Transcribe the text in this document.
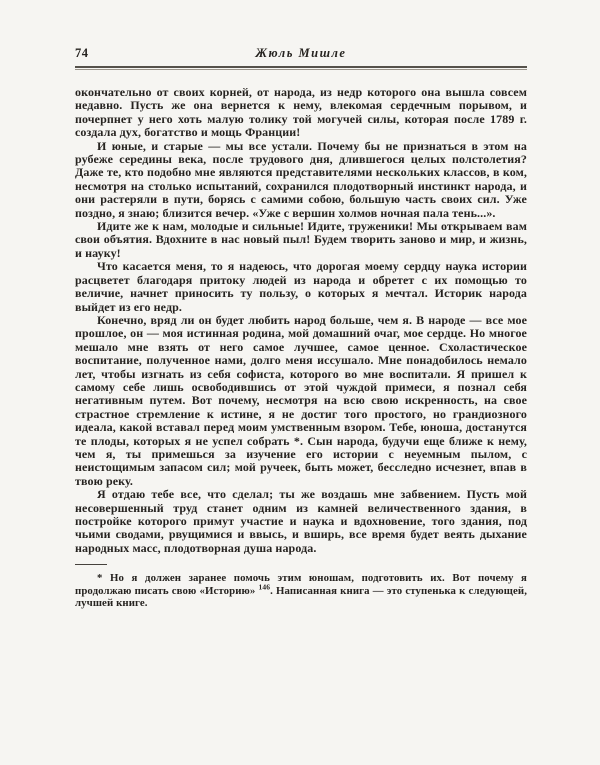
74	Жюль Мишле

окончательно от своих корней, от народа, из недр которого она вышла совсем недавно. Пусть же она вернется к нему, влекомая сердечным порывом, и почерпнет у него хоть малую толику той могучей силы, которая после 1789 г. создала дух, богатство и мощь Франции!

И юные, и старые — мы все устали. Почему бы не признаться в этом на рубеже середины века, после трудового дня, длившегося целых полстолетия? Даже те, кто подобно мне являются представителями нескольких классов, в ком, несмотря на столько испытаний, сохранился плодотворный инстинкт народа, и они растеряли в пути, борясь с самими собою, большую часть своих сил. Уже поздно, я знаю; близится вечер. «Уже с вершин холмов ночная пала тень...».

Идите же к нам, молодые и сильные! Идите, труженики! Мы открываем вам свои объятия. Вдохните в нас новый пыл! Будем творить заново и мир, и жизнь, и науку!

Что касается меня, то я надеюсь, что дорогая моему сердцу наука истории расцветет благодаря притоку людей из народа и обретет с их помощью то величие, начнет приносить ту пользу, о которых я мечтал. Историк народа выйдет из его недр.

Конечно, вряд ли он будет любить народ больше, чем я. В народе — все мое прошлое, он — моя истинная родина, мой домашний очаг, мое сердце. Но многое мешало мне взять от него самое лучшее, самое ценное. Схоластическое воспитание, полученное нами, долго меня иссушало. Мне понадобилось немало лет, чтобы изгнать из себя софиста, которого во мне воспитали. Я пришел к самому себе лишь освободившись от этой чуждой примеси, я познал себя негативным путем. Вот почему, несмотря на всю свою искренность, на свое страстное стремление к истине, я не достиг того простого, но грандиозного идеала, какой вставал перед моим умственным взором. Тебе, юноша, достанутся те плоды, которых я не успел собрать *. Сын народа, будучи еще ближе к нему, чем я, ты примешься за изучение его истории с неуемным пылом, с неистощимым запасом сил; мой ручеек, быть может, бесследно исчезнет, впав в твою реку.

Я отдаю тебе все, что сделал; ты же воздашь мне забвением. Пусть мой несовершенный труд станет одним из камней величественного здания, в постройке которого примут участие и наука и вдохновение, того здания, под чьими сводами, рвущимися и ввысь, и вширь, все время будет веять дыхание народных масс, плодотворная душа народа.

* Но я должен заранее помочь этим юношам, подготовить их. Вот почему я продолжаю писать свою «Историю» $^{146}$. Написанная книга — это ступенька к следующей, лучшей книге.
